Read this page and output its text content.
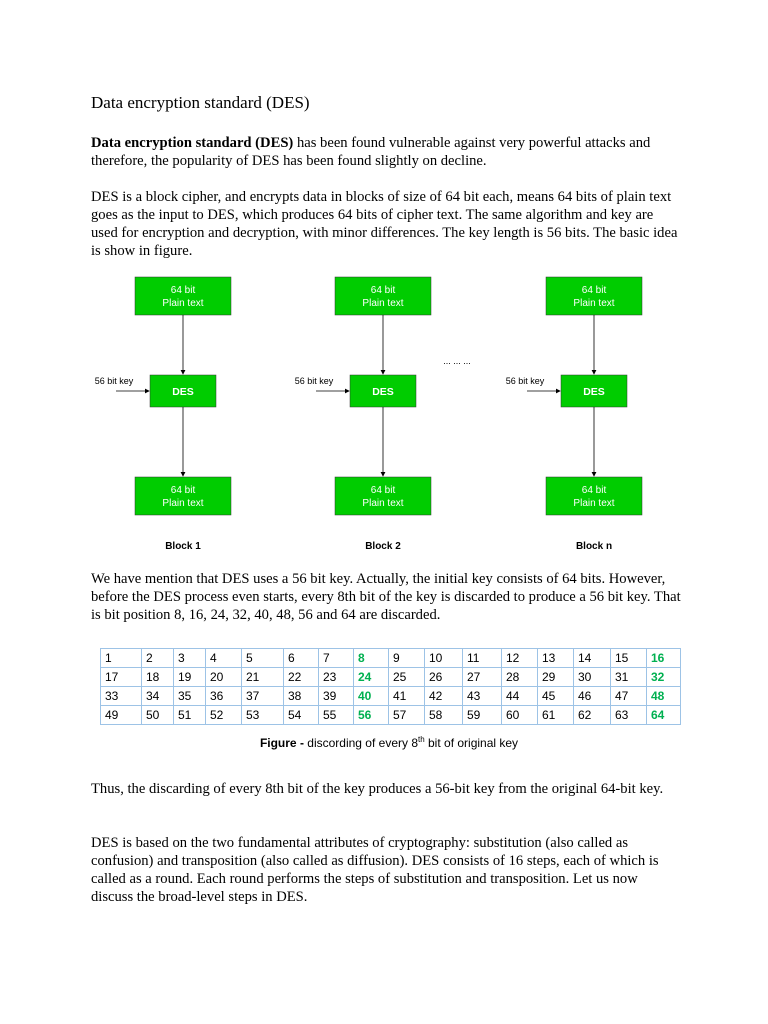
Data encryption standard (DES)

Data encryption standard (DES) has been found vulnerable against very powerful attacks and therefore, the popularity of DES has been found slightly on decline.

DES is a block cipher, and encrypts data in blocks of size of 64 bit each, means 64 bits of plain text goes as the input to DES, which produces 64 bits of cipher text. The same algorithm and key are used for encryption and decryption, with minor differences. The key length is 56 bits. The basic idea is show in figure.

... ... ...
64 bit
Plain text
DES
56 bit key
64 bit
Plain text
Block 1
64 bit
Plain text
DES
56 bit key
64 bit
Plain text
Block 2
64 bit
Plain text
DES
56 bit key
64 bit
Plain text
Block n

We have mention that DES uses a 56 bit key. Actually, the initial key consists of 64 bits. However, before the DES process even starts, every 8th bit of the key is discarded to produce a 56 bit key. That is bit position 8, 16, 24, 32, 40, 48, 56 and 64 are discarded.

1	2	3	4	5	6	7	8	9	10	11	12	13	14	15	16
17	18	19	20	21	22	23	24	25	26	27	28	29	30	31	32
33	34	35	36	37	38	39	40	41	42	43	44	45	46	47	48
49	50	51	52	53	54	55	56	57	58	59	60	61	62	63	64
Figure - discording of every 8th bit of original key

Thus, the discarding of every 8th bit of the key produces a 56-bit key from the original 64-bit key.

DES is based on the two fundamental attributes of cryptography: substitution (also called as confusion) and transposition (also called as diffusion). DES consists of 16 steps, each of which is called as a round. Each round performs the steps of substitution and transposition. Let us now discuss the broad-level steps in DES.
